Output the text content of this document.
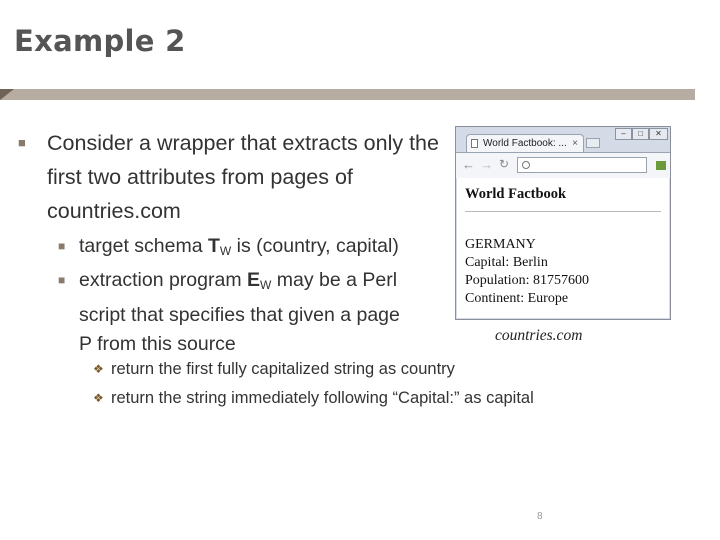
Example 2
■ Consider a wrapper that extracts only the first two attributes from pages of countries.com
■ target schema $T_W$ is (country, capital)
■ extraction program $E_W$ may be a Perl script that specifies that given a page P from this source
❖ return the first fully capitalized string as country
❖ return the string immediately following “Capital:” as capital
–	□	✕
World Factbook: ... ×
← → ↻
World Factbook
GERMANY
Capital: Berlin
Population: 81757600
Continent: Europe
countries.com
8
